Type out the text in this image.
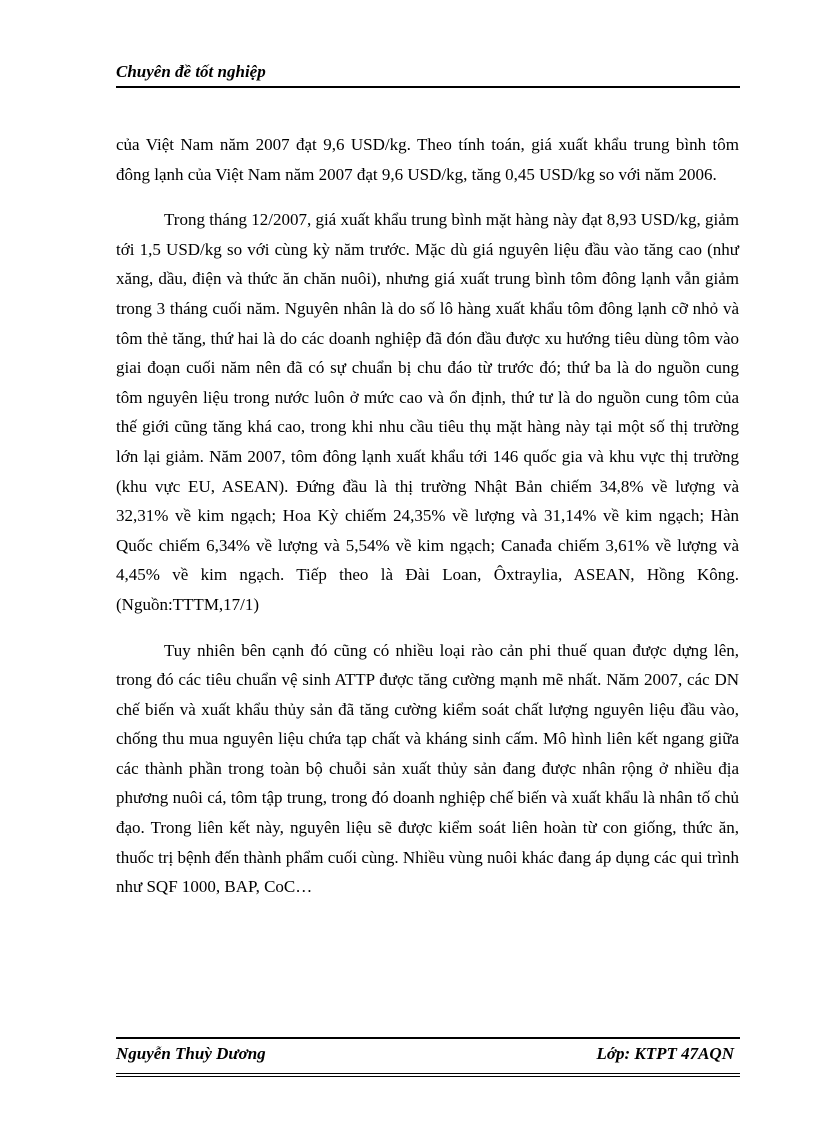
Chuyên đề tốt nghiệp

của Việt Nam năm 2007 đạt 9,6 USD/kg. Theo tính toán, giá xuất khẩu trung bình tôm đông lạnh của Việt Nam năm 2007 đạt 9,6 USD/kg, tăng 0,45 USD/kg so với năm 2006.

Trong tháng 12/2007, giá xuất khẩu trung bình mặt hàng này đạt 8,93 USD/kg, giảm tới 1,5 USD/kg so với cùng kỳ năm trước. Mặc dù giá nguyên liệu đầu vào tăng cao (như xăng, dầu, điện và thức ăn chăn nuôi), nhưng giá xuất trung bình tôm đông lạnh vẫn giảm trong 3 tháng cuối năm. Nguyên nhân là do số lô hàng xuất khẩu tôm đông lạnh cỡ nhỏ và tôm thẻ tăng, thứ hai là do các doanh nghiệp đã đón đầu được xu hướng tiêu dùng tôm vào giai đoạn cuối năm nên đã có sự chuẩn bị chu đáo từ trước đó; thứ ba là do nguồn cung tôm nguyên liệu trong nước luôn ở mức cao và ổn định, thứ tư là do nguồn cung tôm của thế giới cũng tăng khá cao, trong khi nhu cầu tiêu thụ mặt hàng này tại một số thị trường lớn lại giảm. Năm 2007, tôm đông lạnh xuất khẩu tới 146 quốc gia và khu vực thị trường (khu vực EU, ASEAN). Đứng đầu là thị trường Nhật Bản chiếm 34,8% về lượng và 32,31% về kim ngạch; Hoa Kỳ chiếm 24,35% về lượng và 31,14% về kim ngạch; Hàn Quốc chiếm 6,34% về lượng và 5,54% về kim ngạch; Canađa chiếm 3,61% về lượng và 4,45% về kim ngạch. Tiếp theo là Đài Loan, Ôxtraylia, ASEAN, Hồng Kông. (Nguồn:TTTM,17/1)

Tuy nhiên bên cạnh đó cũng có nhiều loại rào cản phi thuế quan được dựng lên, trong đó các tiêu chuẩn vệ sinh ATTP được tăng cường mạnh mẽ nhất. Năm 2007, các DN chế biến và xuất khẩu thủy sản đã tăng cường kiểm soát chất lượng nguyên liệu đầu vào, chống thu mua nguyên liệu chứa tạp chất và kháng sinh cấm. Mô hình liên kết ngang giữa các thành phần trong toàn bộ chuỗi sản xuất thủy sản đang được nhân rộng ở nhiều địa phương nuôi cá, tôm tập trung, trong đó doanh nghiệp chế biến và xuất khẩu là nhân tố chủ đạo. Trong liên kết này, nguyên liệu sẽ được kiểm soát liên hoàn từ con giống, thức ăn, thuốc trị bệnh đến thành phẩm cuối cùng. Nhiều vùng nuôi khác đang áp dụng các qui trình như SQF 1000, BAP, CoC…

Nguyễn Thuỳ Dương	Lớp: KTPT 47AQN
